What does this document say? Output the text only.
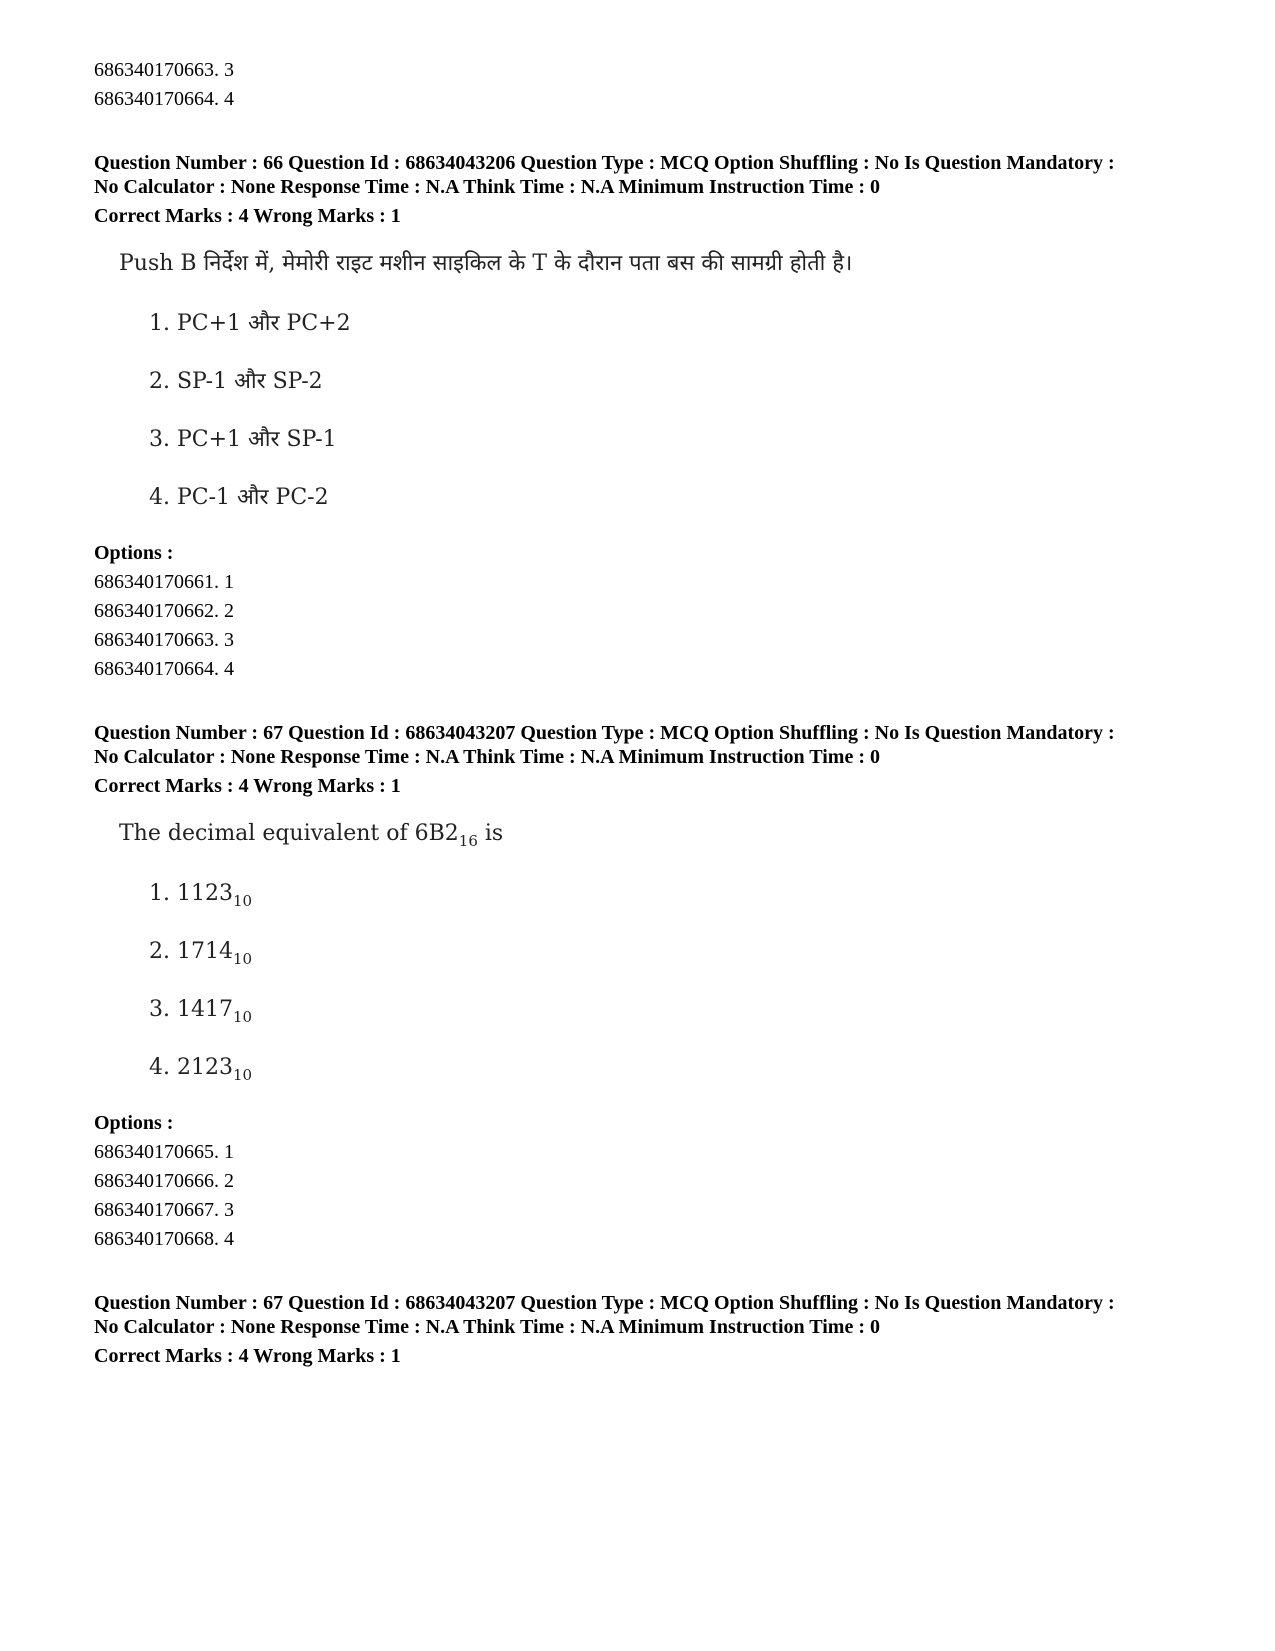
686340170663. 3
686340170664. 4
Question Number : 66 Question Id : 68634043206 Question Type : MCQ Option Shuffling : No Is Question Mandatory :
No Calculator : None Response Time : N.A Think Time : N.A Minimum Instruction Time : 0
Correct Marks : 4 Wrong Marks : 1
Push B निर्देश में, मेमोरी राइट मशीन साइकिल के T के दौरान पता बस की सामग्री होती है।
1. PC+1 और PC+2
2. SP-1 और SP-2
3. PC+1 और SP-1
4. PC-1 और PC-2
Options :
686340170661. 1
686340170662. 2
686340170663. 3
686340170664. 4
Question Number : 67 Question Id : 68634043207 Question Type : MCQ Option Shuffling : No Is Question Mandatory :
No Calculator : None Response Time : N.A Think Time : N.A Minimum Instruction Time : 0
Correct Marks : 4 Wrong Marks : 1
The decimal equivalent of $6B2_{16}$ is
1. $1123_{10}$
2. $1714_{10}$
3. $1417_{10}$
4. $2123_{10}$
Options :
686340170665. 1
686340170666. 2
686340170667. 3
686340170668. 4
Question Number : 67 Question Id : 68634043207 Question Type : MCQ Option Shuffling : No Is Question Mandatory :
No Calculator : None Response Time : N.A Think Time : N.A Minimum Instruction Time : 0
Correct Marks : 4 Wrong Marks : 1
